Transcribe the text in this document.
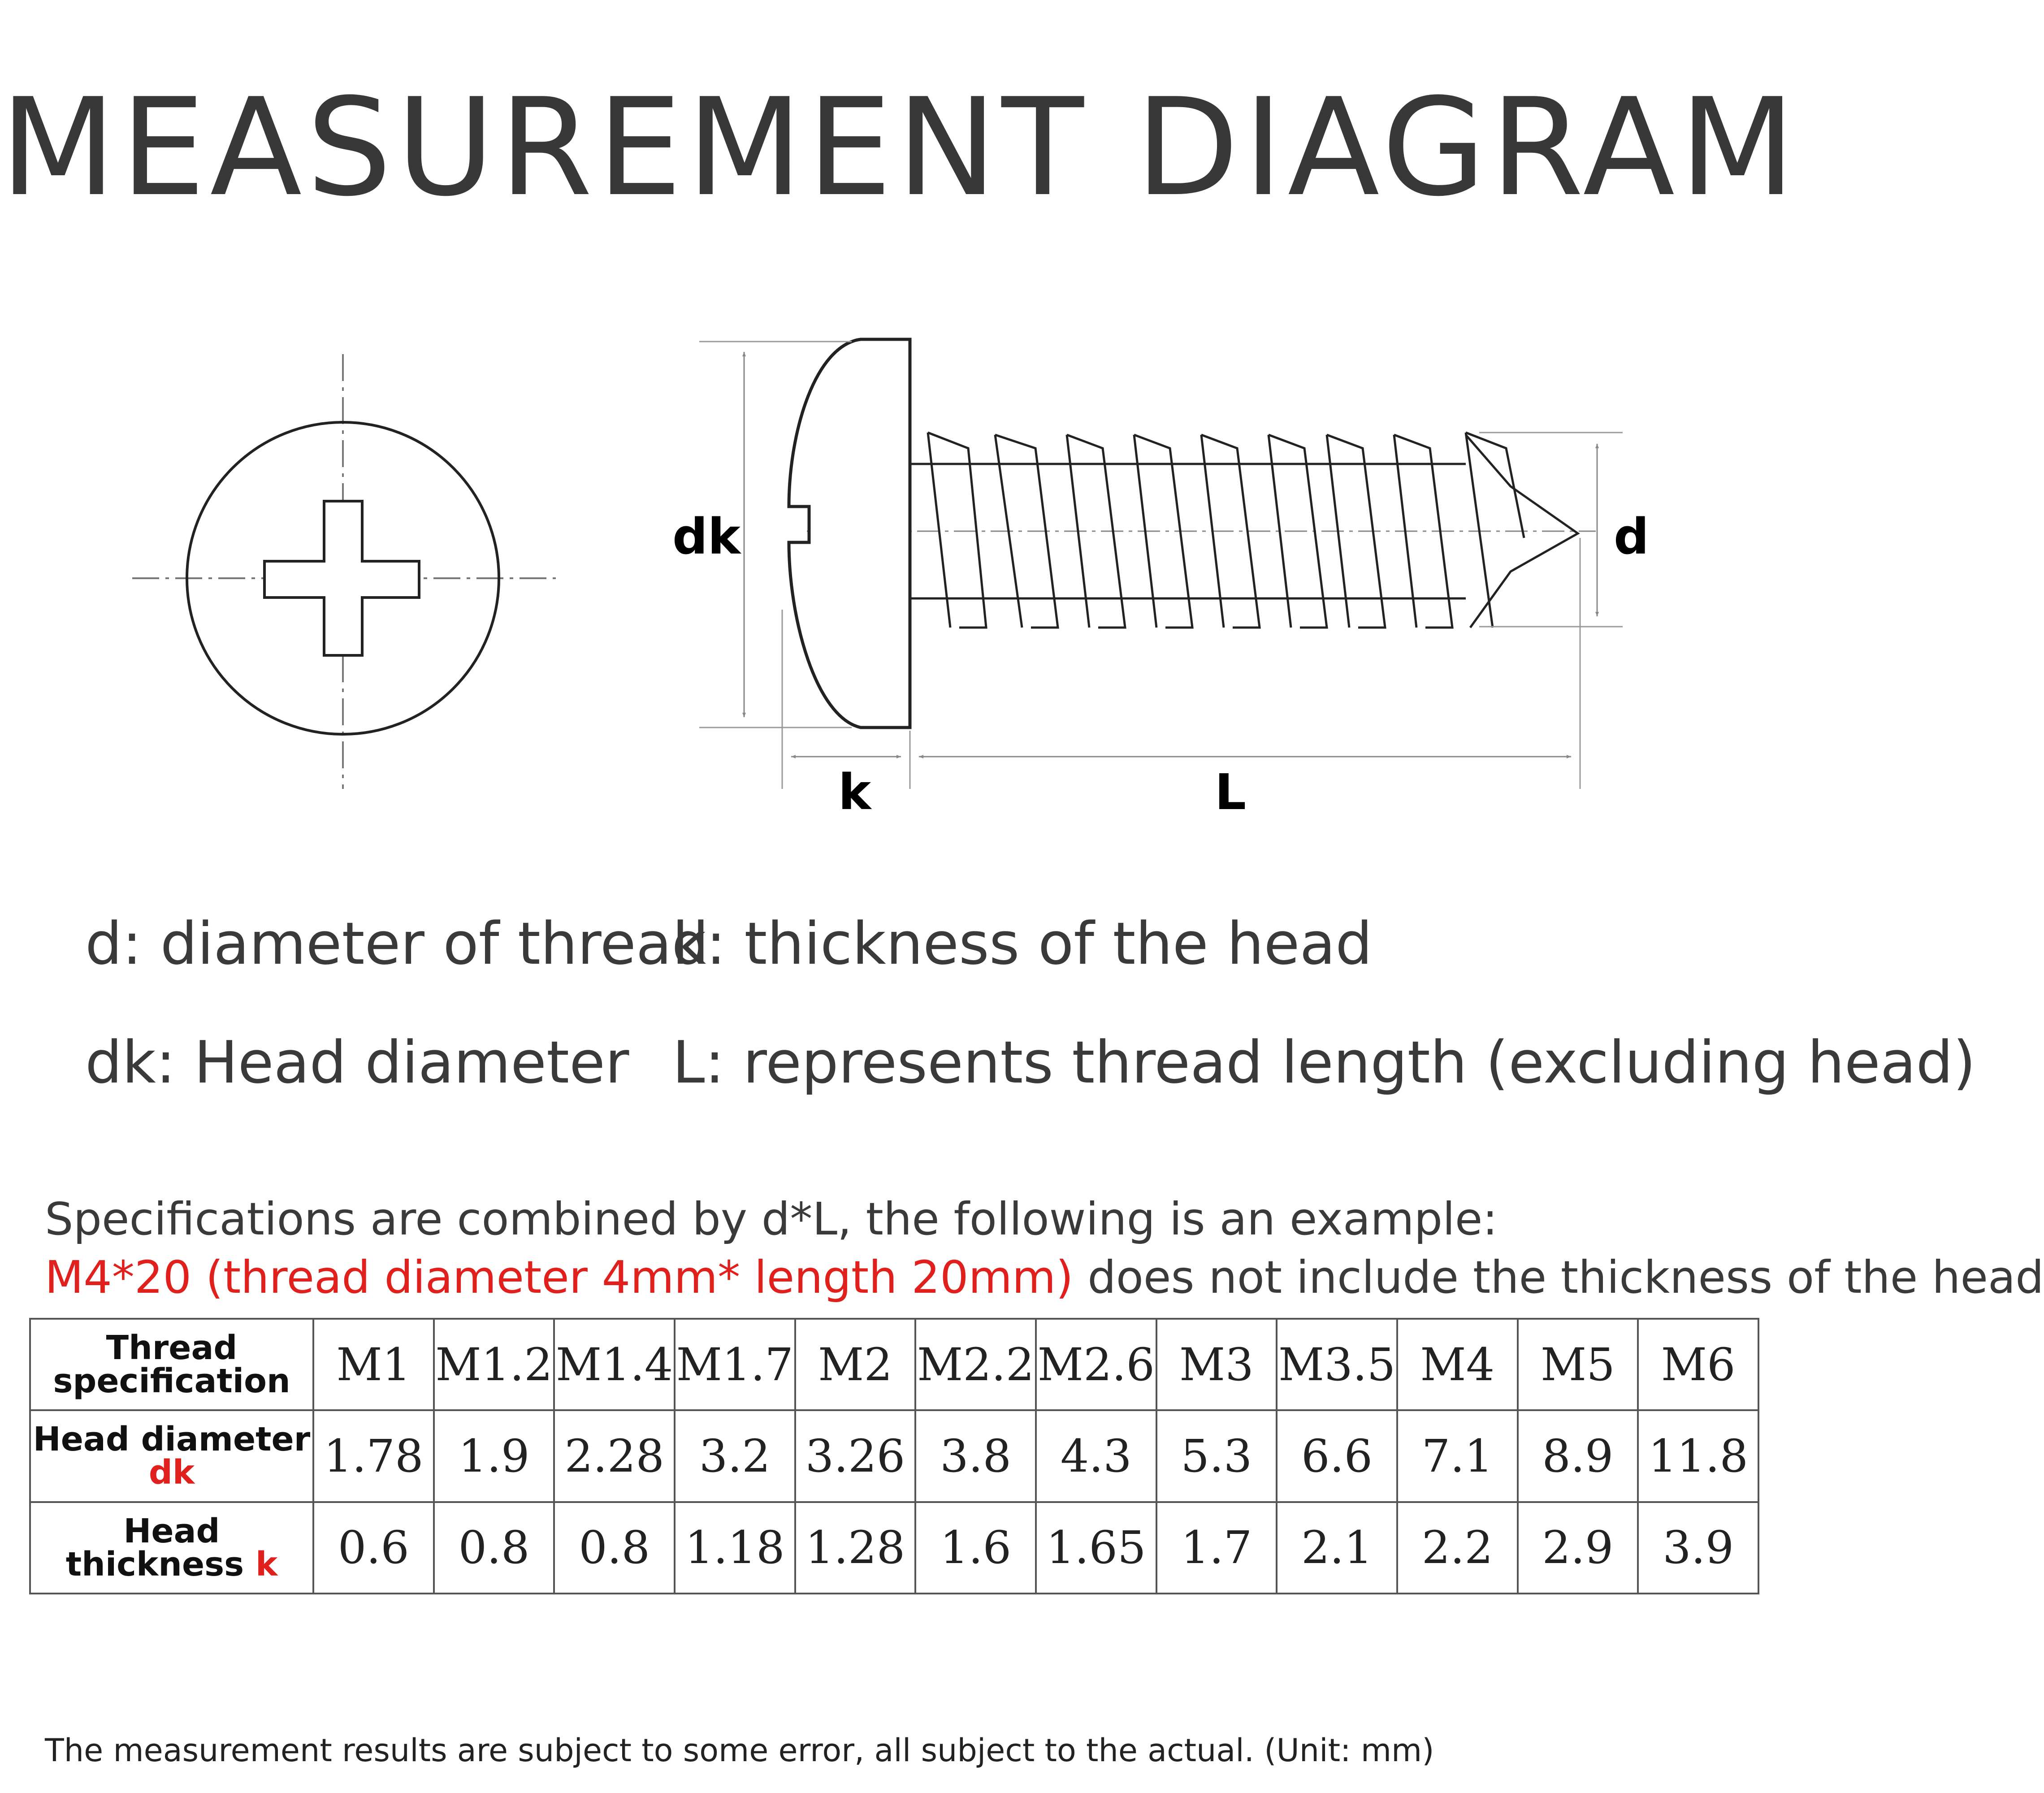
MEASUREMENT DIAGRAM
dk	d
k	L
d: diameter of thread
k: thickness of the head
dk: Head diameter L: represents thread length (excluding head)
Specifications are combined by d*L, the following is an example:
M4*20 (thread diameter 4mm* length 20mm) does not include the thickness of the head
Thread specification	M1	M1.2	M1.4	M1.7	M2	M2.2	M2.6	M3	M3.5	M4	M5	M6
Head diameter dk	1.78	1.9	2.28	3.2	3.26	3.8	4.3	5.3	6.6	7.1	8.9	11.8
Head thickness k	0.6	0.8	0.8	1.18	1.28	1.6	1.65	1.7	2.1	2.2	2.9	3.9
The measurement results are subject to some error, all subject to the actual. (Unit: mm)
